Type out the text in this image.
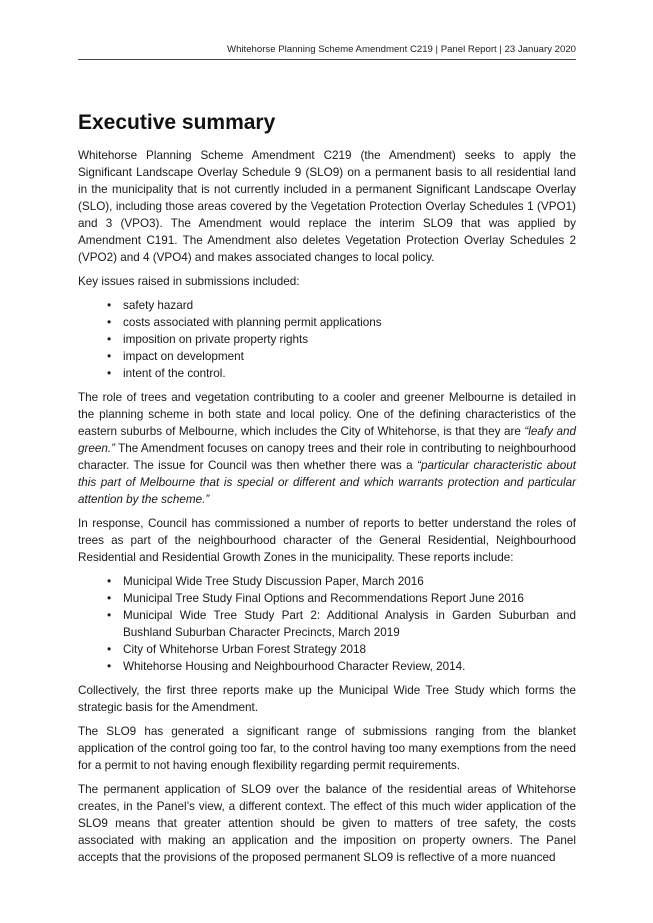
Whitehorse Planning Scheme Amendment C219 | Panel Report | 23 January 2020
Executive summary

Whitehorse Planning Scheme Amendment C219 (the Amendment) seeks to apply the Significant Landscape Overlay Schedule 9 (SLO9) on a permanent basis to all residential land in the municipality that is not currently included in a permanent Significant Landscape Overlay (SLO), including those areas covered by the Vegetation Protection Overlay Schedules 1 (VPO1) and 3 (VPO3). The Amendment would replace the interim SLO9 that was applied by Amendment C191. The Amendment also deletes Vegetation Protection Overlay Schedules 2 (VPO2) and 4 (VPO4) and makes associated changes to local policy.

Key issues raised in submissions included:

• safety hazard
• costs associated with planning permit applications
• imposition on private property rights
• impact on development
• intent of the control.

The role of trees and vegetation contributing to a cooler and greener Melbourne is detailed in the planning scheme in both state and local policy. One of the defining characteristics of the eastern suburbs of Melbourne, which includes the City of Whitehorse, is that they are “leafy and green.” The Amendment focuses on canopy trees and their role in contributing to neighbourhood character. The issue for Council was then whether there was a “particular characteristic about this part of Melbourne that is special or different and which warrants protection and particular attention by the scheme.”

In response, Council has commissioned a number of reports to better understand the roles of trees as part of the neighbourhood character of the General Residential, Neighbourhood Residential and Residential Growth Zones in the municipality. These reports include:

• Municipal Wide Tree Study Discussion Paper, March 2016
• Municipal Tree Study Final Options and Recommendations Report June 2016
• Municipal Wide Tree Study Part 2: Additional Analysis in Garden Suburban and Bushland Suburban Character Precincts, March 2019
• City of Whitehorse Urban Forest Strategy 2018
• Whitehorse Housing and Neighbourhood Character Review, 2014.

Collectively, the first three reports make up the Municipal Wide Tree Study which forms the strategic basis for the Amendment.

The SLO9 has generated a significant range of submissions ranging from the blanket application of the control going too far, to the control having too many exemptions from the need for a permit to not having enough flexibility regarding permit requirements.

The permanent application of SLO9 over the balance of the residential areas of Whitehorse creates, in the Panel’s view, a different context. The effect of this much wider application of the SLO9 means that greater attention should be given to matters of tree safety, the costs associated with making an application and the imposition on property owners. The Panel accepts that the provisions of the proposed permanent SLO9 is reflective of a more nuanced
